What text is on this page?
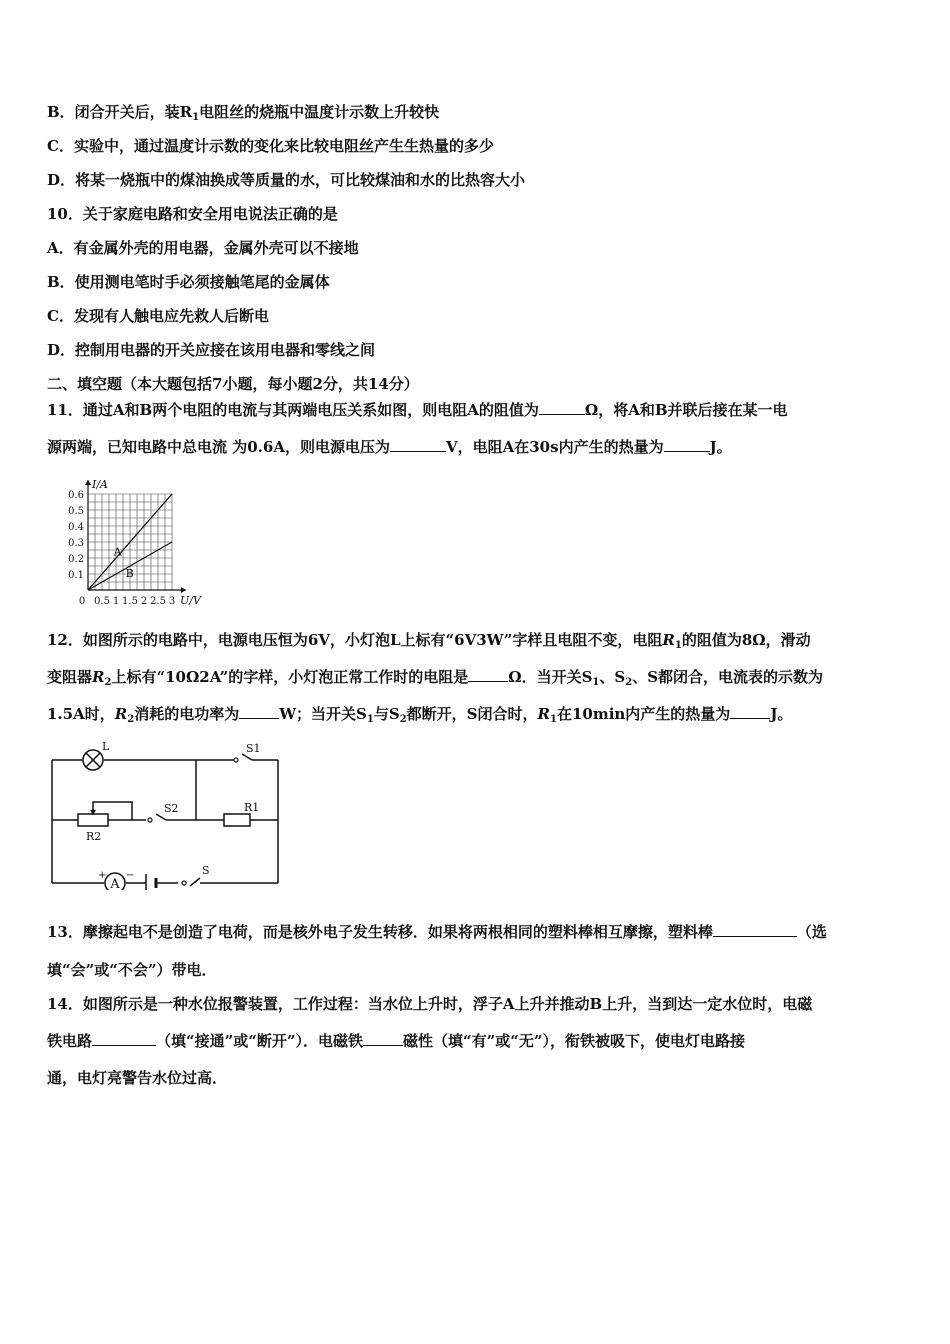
B．闭合开关后，装$R_1$电阻丝的烧瓶中温度计示数上升较快
C．实验中，通过温度计示数的变化来比较电阻丝产生生热量的多少
D．将某一烧瓶中的煤油换成等质量的水，可比较煤油和水的比热容大小
10．关于家庭电路和安全用电说法正确的是
A．有金属外壳的用电器，金属外壳可以不接地
B．使用测电笔时手必须接触笔尾的金属体
C．发现有人触电应先救人后断电
D．控制用电器的开关应接在该用电器和零线之间
二、填空题（本大题包括7小题，每小题2分，共14分）
11．通过A和B两个电阻的电流与其两端电压关系如图，则电阻A的阻值为	Ω，将A和B并联后接在某一电
源两端，已知电路中总电流 为0.6A，则电源电压为	V，电阻A在30s内产生的热量为	J。
I/A
U/V
0 0.5 1 1.5 2 2.5 3
0.1
0.2
0.3
0.4
0.5
0.6
A
B
12．如图所示的电路中，电源电压恒为6V，小灯泡L上标有“6V3W”字样且电阻不变，电阻$R_1$的阻值为8Ω，滑动
变阻器$R_2$上标有“10Ω2A”的字样，小灯泡正常工作时的电阻是	Ω．当开关$S_1$、$S_2$、S都闭合，电流表的示数为
1.5A时，$R_2$消耗的电功率为	W；当开关$S_1$与$S_2$都断开，S闭合时，$R_1$在10min内产生的热量为	J。
A
+ −
L	S1
S2	R1
R2
S
13．摩擦起电不是创造了电荷，而是核外电子发生转移．如果将两根相同的塑料棒相互摩擦，塑料棒	（选
填“会”或“不会”）带电．
14．如图所示是一种水位报警装置，工作过程：当水位上升时，浮子A上升并推动B上升，当到达一定水位时，电磁
铁电路	（填“接通”或“断开”）．电磁铁	磁性（填“有”或“无”），衔铁被吸下，使电灯电路接
通，电灯亮警告水位过高．
